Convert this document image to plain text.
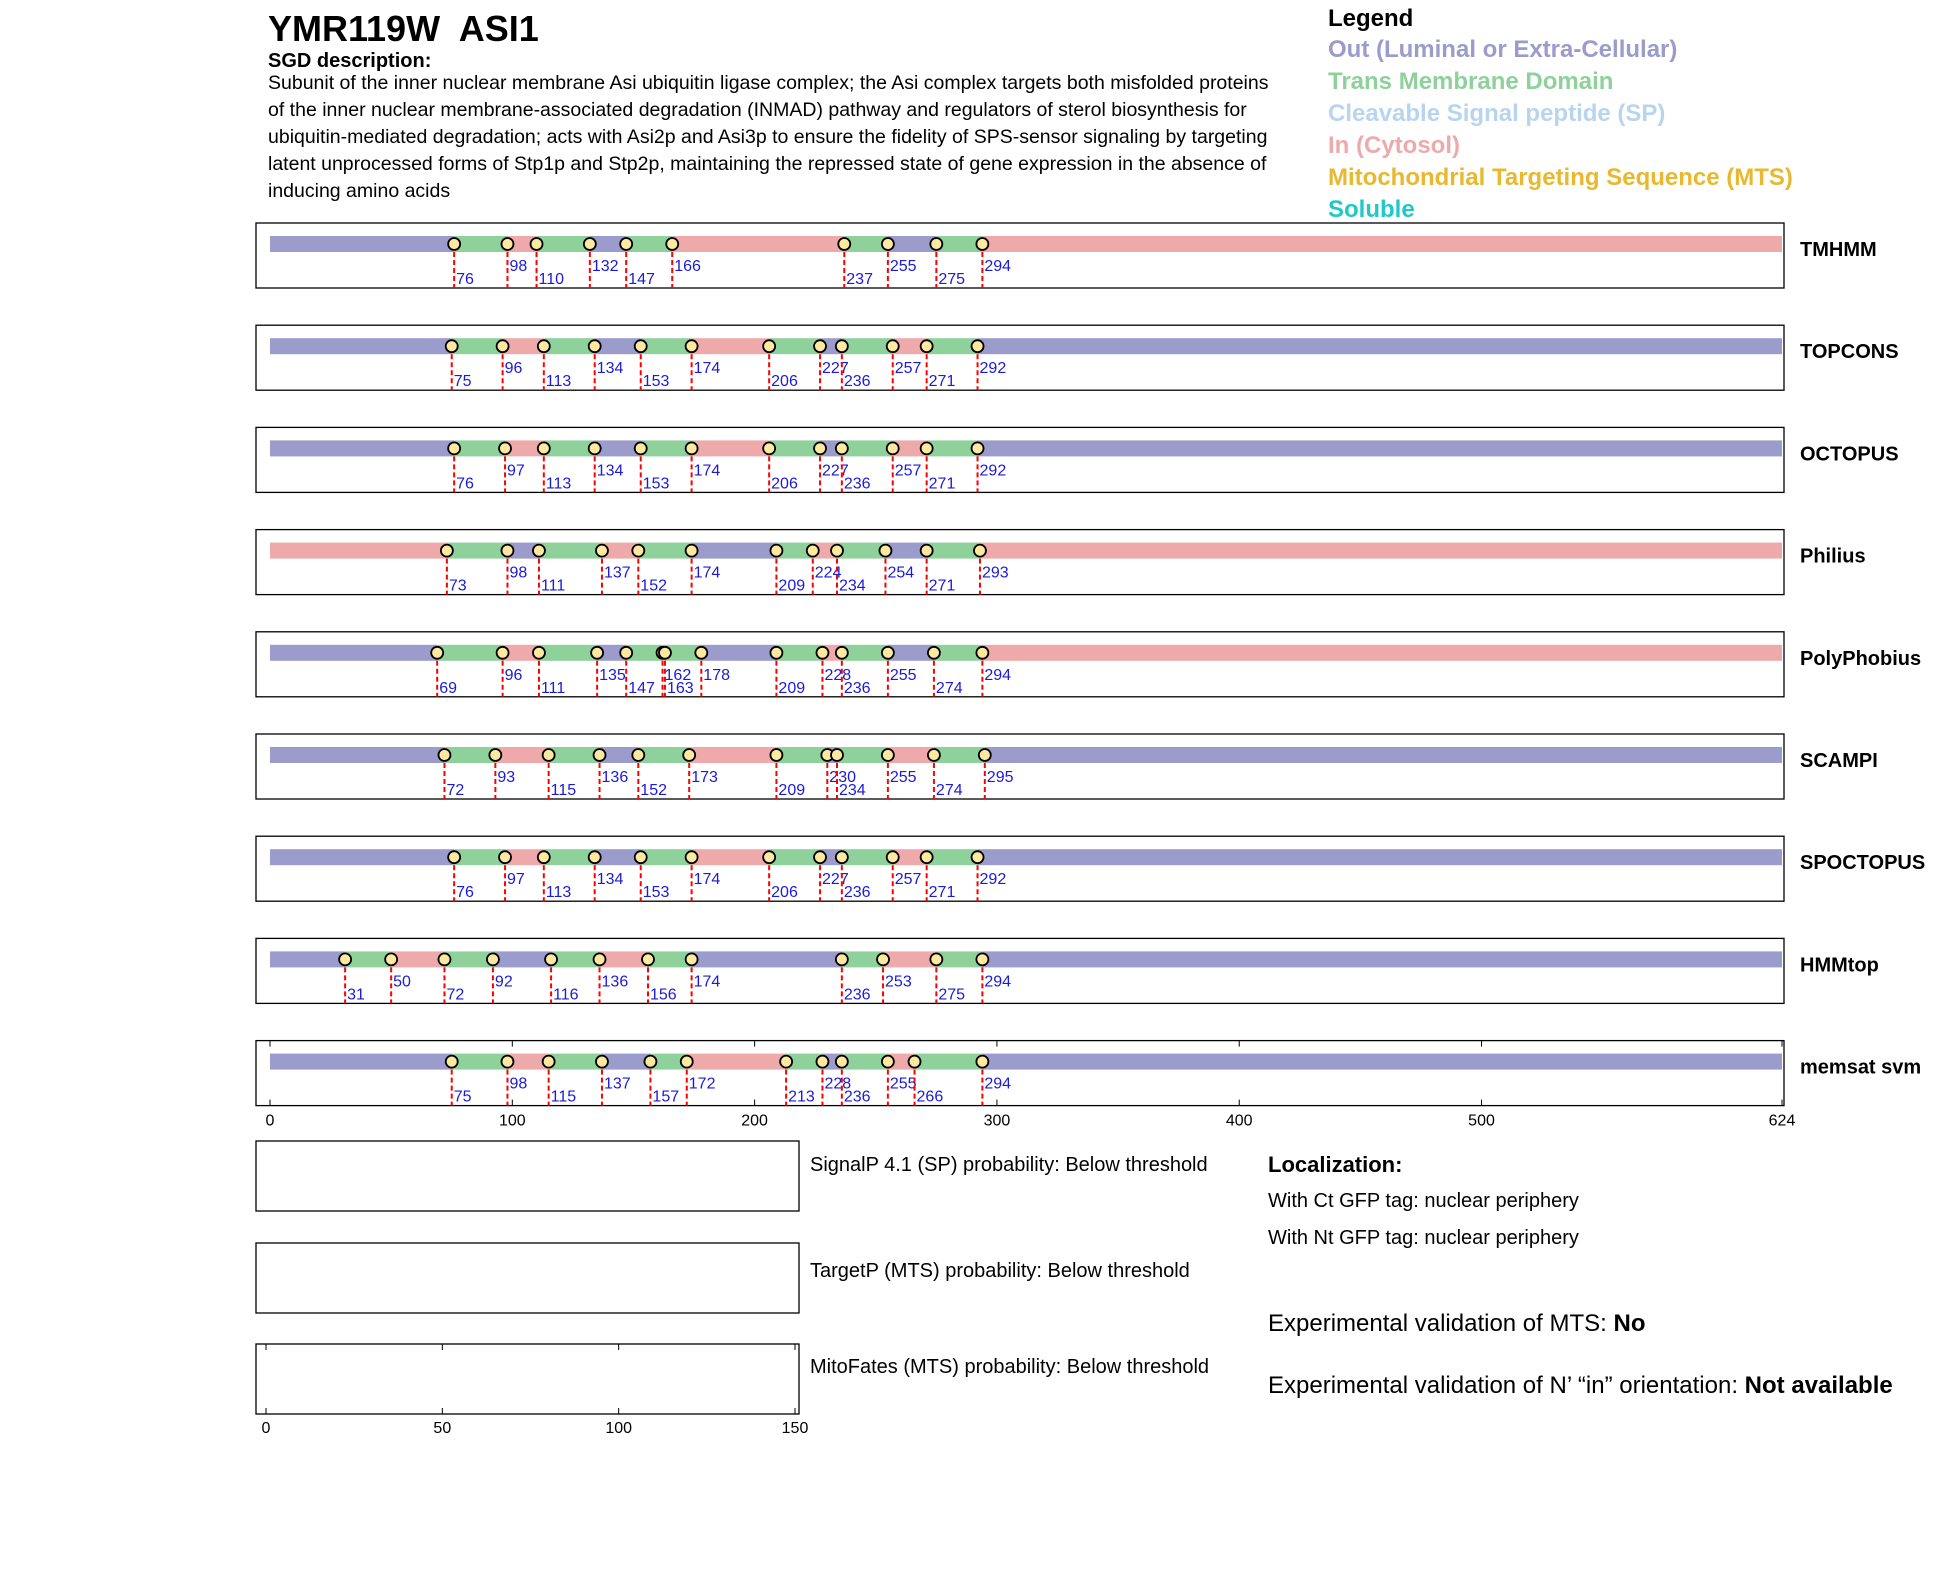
YMR119W  ASI1
SGD description:
Subunit of the inner nuclear membrane Asi ubiquitin ligase complex; the Asi complex targets both misfolded proteins of the inner nuclear membrane-associated degradation (INMAD) pathway and regulators of sterol biosynthesis for ubiquitin-mediated degradation; acts with Asi2p and Asi3p to ensure the fidelity of SPS-sensor signaling by targeting latent unprocessed forms of Stp1p and Stp2p, maintaining the repressed state of gene expression in the absence of inducing amino acids
Legend
Out (Luminal or Extra-Cellular)
Trans Membrane Domain
Cleavable Signal peptide (SP)
In (Cytosol)
Mitochondrial Targeting Sequence (MTS)
Soluble
76
98
110
132
147
166
237
255
275
294
TMHMM
75
96
113
134
153
174
206
227
236
257
271
292
TOPCONS
76
97
113
134
153
174
206
227
236
257
271
292
OCTOPUS
73
98
111
137
152
174
209
224
234
254
271
293
Philius
69
96
111
135
147
162
163
178
209
228
236
255
274
294
PolyPhobius
72
93
115
136
152
173
209
230
234
255
274
295
SCAMPI
76
97
113
134
153
174
206
227
236
257
271
292
SPOCTOPUS
31
50
72
92
116
136
156
174
236
253
275
294
HMMtop
75
98
115
137
157
172
213
228
236
255
266
294
memsat svm
0	100	200	300	400	500	624
0	50	100	150
SignalP 4.1 (SP) probability: Below threshold
TargetP (MTS) probability: Below threshold
MitoFates (MTS) probability: Below threshold
Localization:
With Ct GFP tag: nuclear periphery
With Nt GFP tag: nuclear periphery
Experimental validation of MTS: No
Experimental validation of N’ “in” orientation: Not available
